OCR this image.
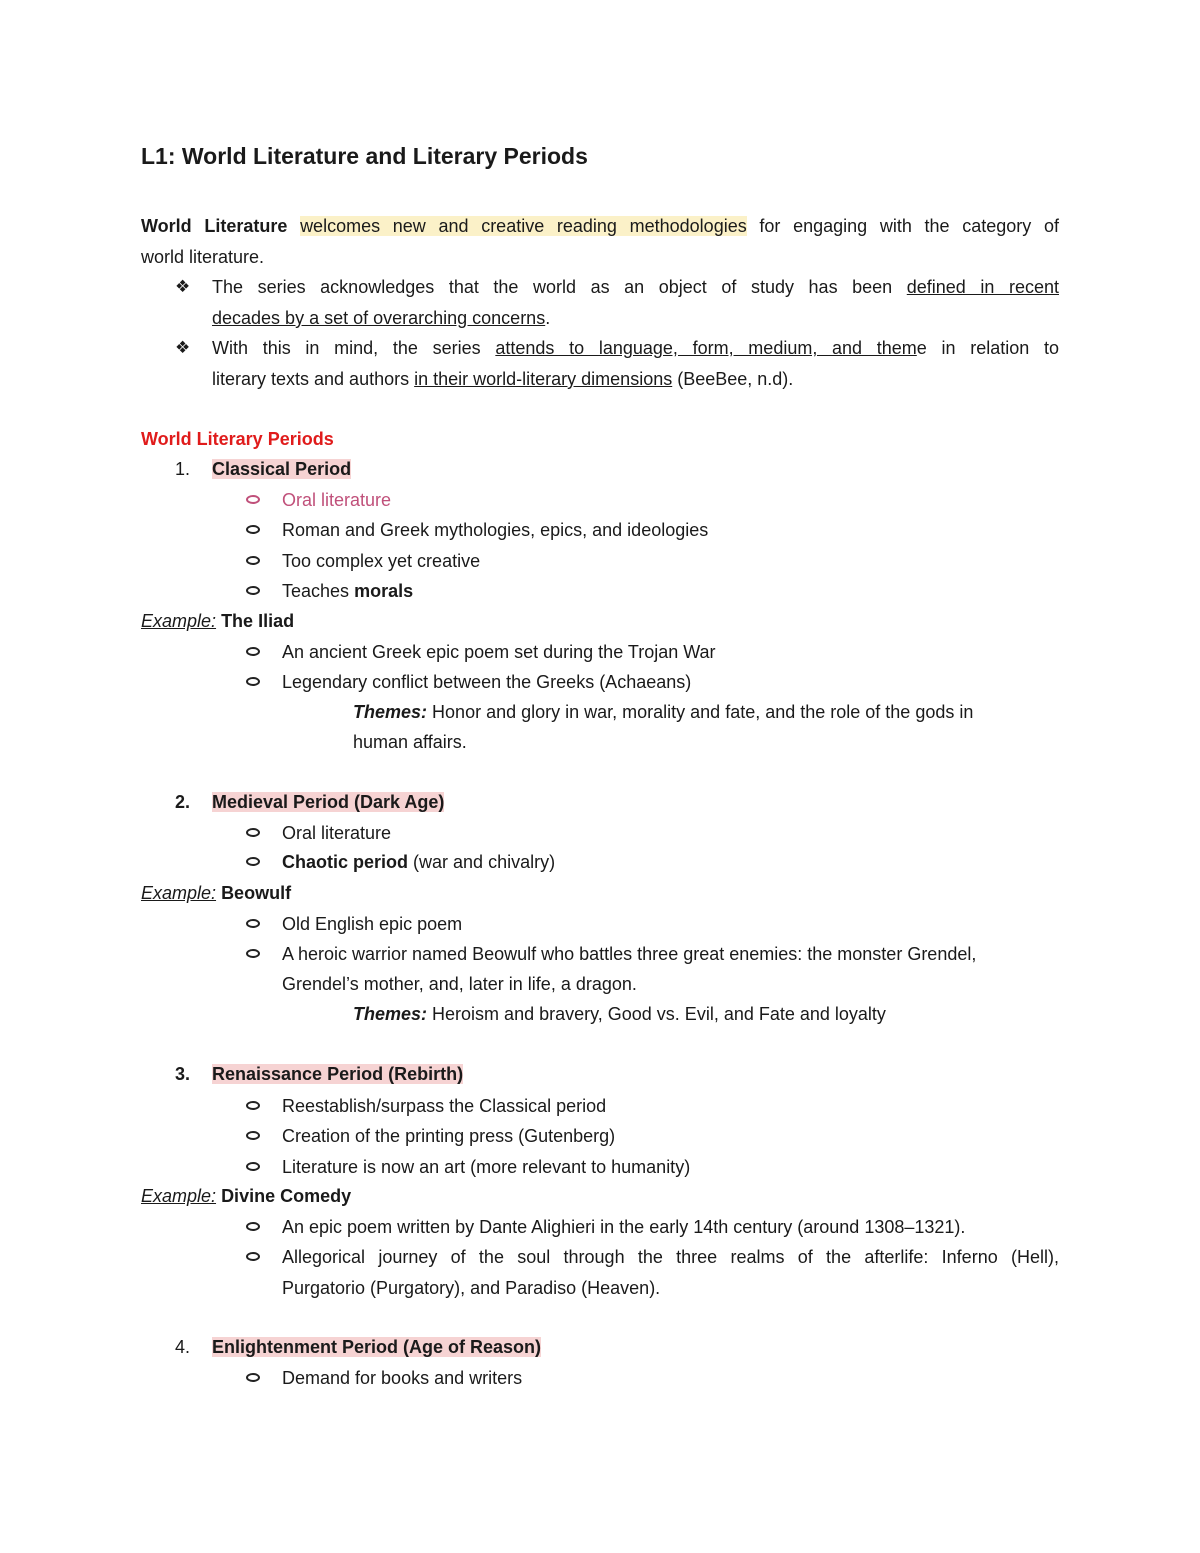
L1: World Literature and Literary Periods
World Literature welcomes new and creative reading methodologies for engaging with the category of
world literature.
❖ The series acknowledges that the world as an object of study has been defined in recent
decades by a set of overarching concerns.
❖ With this in mind, the series attends to language, form, medium, and theme in relation to
literary texts and authors in their world-literary dimensions (BeeBee, n.d).
World Literary Periods
1. Classical Period
Oral literature
Roman and Greek mythologies, epics, and ideologies
Too complex yet creative
Teaches morals
Example: The Iliad
An ancient Greek epic poem set during the Trojan War
Legendary conflict between the Greeks (Achaeans)
Themes: Honor and glory in war, morality and fate, and the role of the gods in
human affairs.
2. Medieval Period (Dark Age)
Oral literature
Chaotic period (war and chivalry)
Example: Beowulf
Old English epic poem
A heroic warrior named Beowulf who battles three great enemies: the monster Grendel,
Grendel’s mother, and, later in life, a dragon.
Themes: Heroism and bravery, Good vs. Evil, and Fate and loyalty
3. Renaissance Period (Rebirth)
Reestablish/surpass the Classical period
Creation of the printing press (Gutenberg)
Literature is now an art (more relevant to humanity)
Example: Divine Comedy
An epic poem written by Dante Alighieri in the early 14th century (around 1308–1321).
Allegorical journey of the soul through the three realms of the afterlife: Inferno (Hell),
Purgatorio (Purgatory), and Paradiso (Heaven).
4. Enlightenment Period (Age of Reason)
Demand for books and writers
